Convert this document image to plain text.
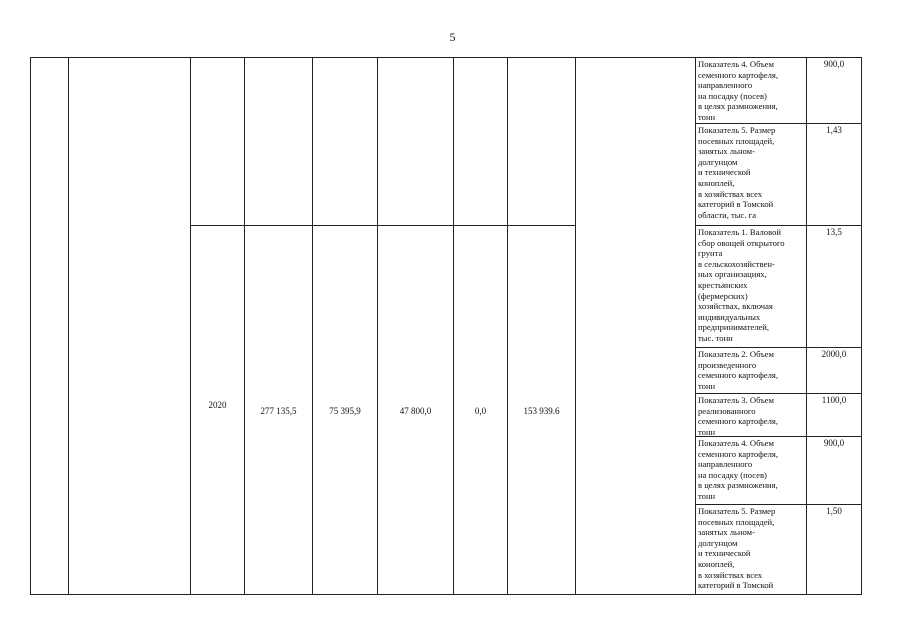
5
2020
277 135,5	75 395,9	47 800,0	0,0	153 939.6
Показатель 4. Объем
семенного картофеля,
направленного
на посадку (посев)
в целях размножения,
тонн
900,0
Показатель 5. Размер
посевных площадей,
занятых льном-
долгунцом
и технической
коноплей,
в хозяйствах всех
категорий в Томской
области, тыс. га
1,43
Показатель 1. Валовой
сбор овощей открытого
грунта
в сельскохозяйствен-
ных организациях,
крестьянских
(фермерских)
хозяйствах, включая
индивидуальных
предпринимателей,
тыс. тонн
13,5
Показатель 2. Объем
произведенного
семенного картофеля,
тонн
2000,0
Показатель 3. Объем
реализованного
семенного картофеля,
тонн
1100,0
Показатель 4. Объем
семенного картофеля,
направленного
на посадку (посев)
в целях размножения,
тонн
900,0
Показатель 5. Размер
посевных площадей,
занятых льном-
долгунцом
и технической
коноплей,
в хозяйствах всех
категорий в Томской
1,50
